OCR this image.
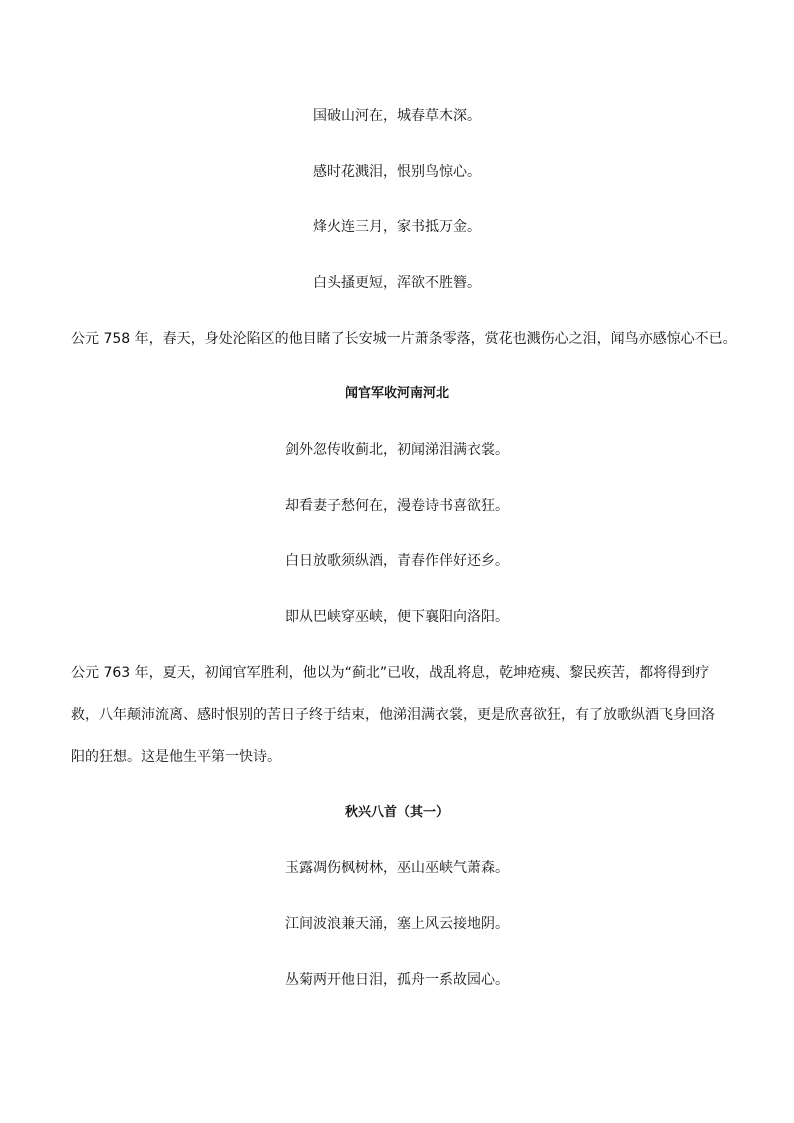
国破山河在，城春草木深。

感时花溅泪，恨别鸟惊心。

烽火连三月，家书抵万金。

白头搔更短，浑欲不胜簪。

公元 758 年，春天，身处沦陷区的他目睹了长安城一片萧条零落，赏花也溅伤心之泪，闻鸟亦感惊心不已。

闻官军收河南河北

剑外忽传收蓟北，初闻涕泪满衣裳。

却看妻子愁何在，漫卷诗书喜欲狂。

白日放歌须纵酒，青春作伴好还乡。

即从巴峡穿巫峡，便下襄阳向洛阳。

公元 763 年，夏天，初闻官军胜利，他以为“蓟北”已收，战乱将息，乾坤疮痍、黎民疾苦，都将得到疗

救，八年颠沛流离、感时恨别的苦日子终于结束，他涕泪满衣裳，更是欣喜欲狂，有了放歌纵酒飞身回洛

阳的狂想。这是他生平第一快诗。

秋兴八首（其一）

玉露凋伤枫树林，巫山巫峡气萧森。

江间波浪兼天涌，塞上风云接地阴。

丛菊两开他日泪，孤舟一系故园心。
